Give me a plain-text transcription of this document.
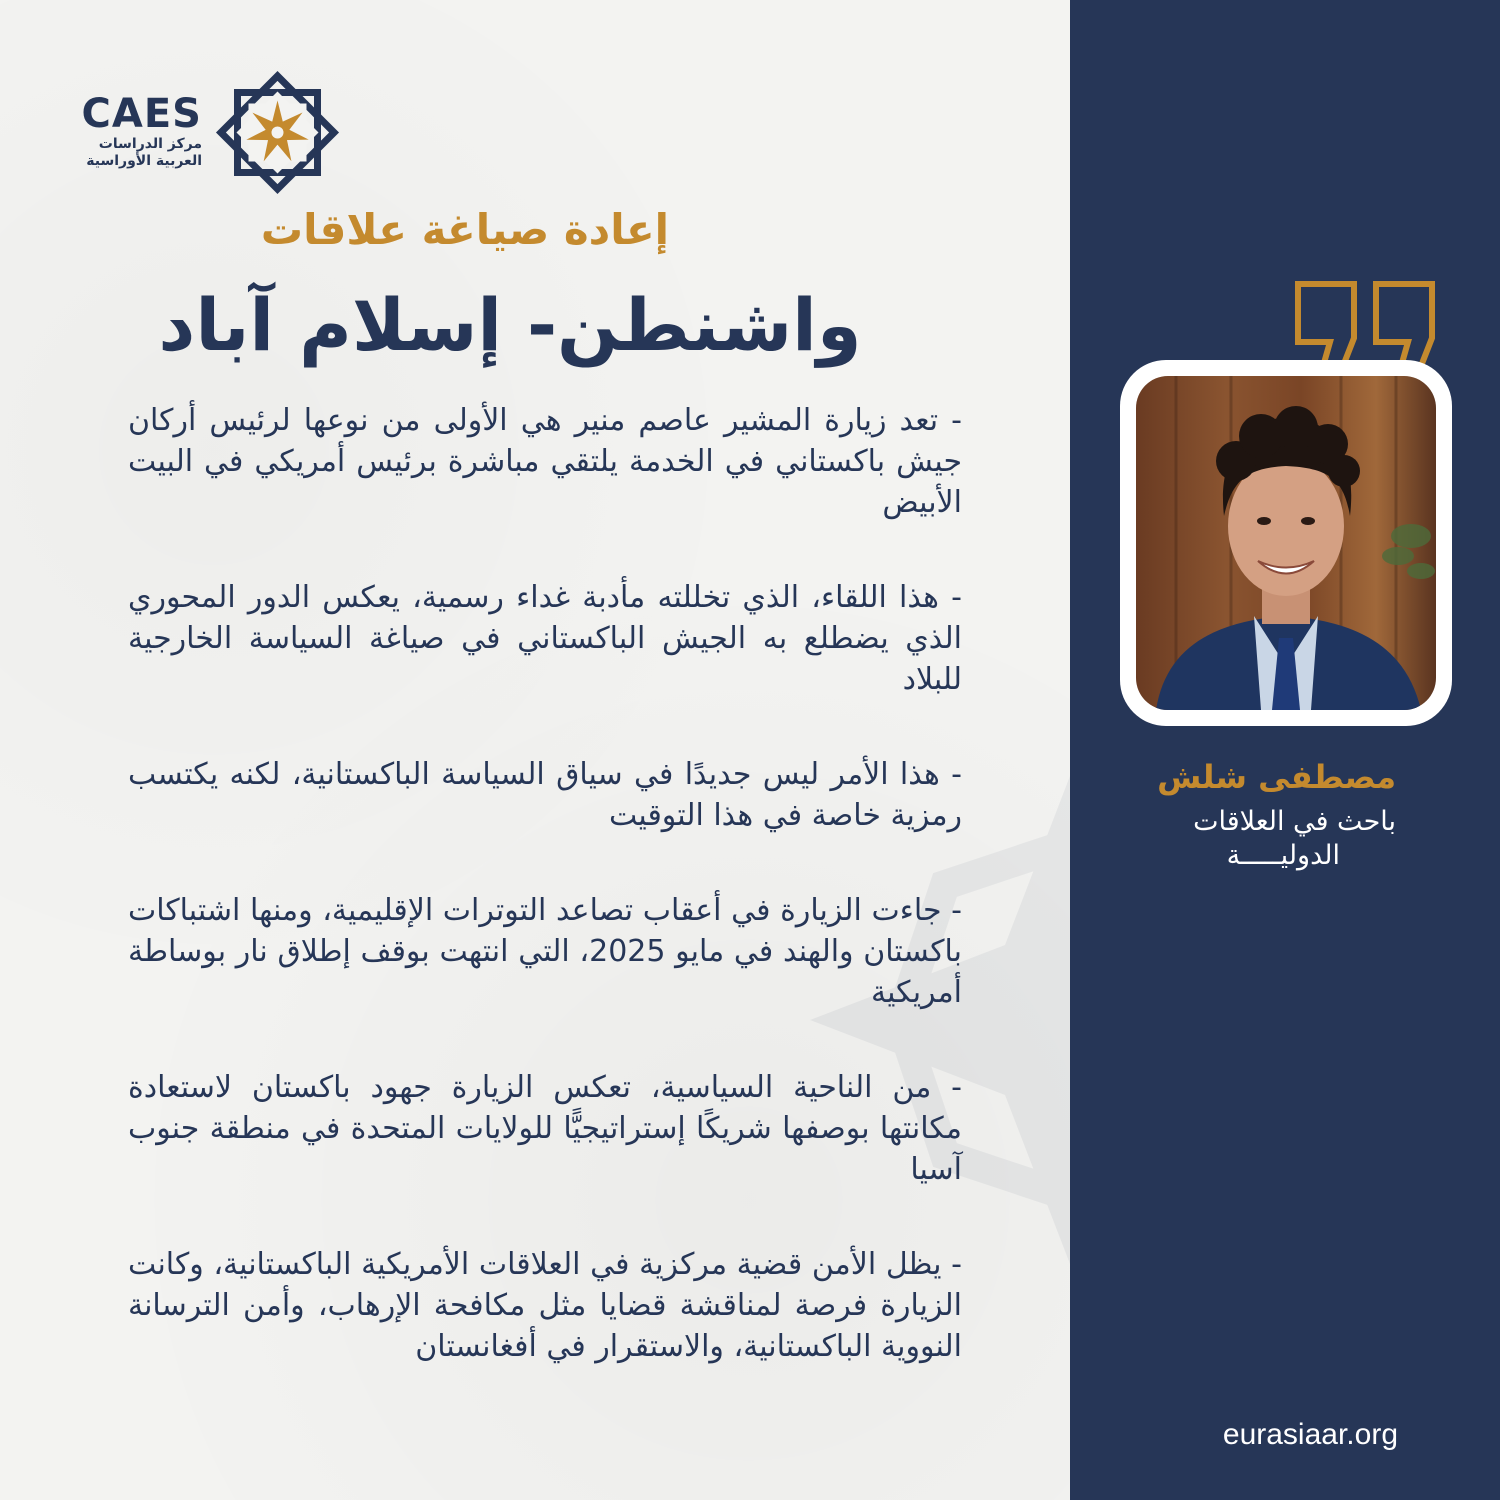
CAES
مركز الدراسات
العربية الأوراسية
إعادة صياغة علاقات
واشنطن- إسلام آباد

- تعد زيارة المشير عاصم منير هي الأولى من نوعها لرئيس أركان جيش باكستاني في الخدمة يلتقي مباشرة برئيس أمريكي في البيت الأبيض

- هذا اللقاء، الذي تخللته مأدبة غداء رسمية، يعكس الدور المحوري الذي يضطلع به الجيش الباكستاني في صياغة السياسة الخارجية للبلاد

- هذا الأمر ليس جديدًا في سياق السياسة الباكستانية، لكنه يكتسب رمزية خاصة في هذا التوقيت

- جاءت الزيارة في أعقاب تصاعد التوترات الإقليمية، ومنها اشتباكات باكستان والهند في مايو 2025، التي انتهت بوقف إطلاق نار بوساطة أمريكية

- من الناحية السياسية، تعكس الزيارة جهود باكستان لاستعادة مكانتها بوصفها شريكًا إستراتيجيًّا للولايات المتحدة في منطقة جنوب آسيا

- يظل الأمن قضية مركزية في العلاقات الأمريكية الباكستانية، وكانت الزيارة فرصة لمناقشة قضايا مثل مكافحة الإرهاب، وأمن الترسانة النووية الباكستانية، والاستقرار في أفغانستان

مصطفى شلش
باحث في العلاقات
الدوليـــــة
eurasiaar.org
